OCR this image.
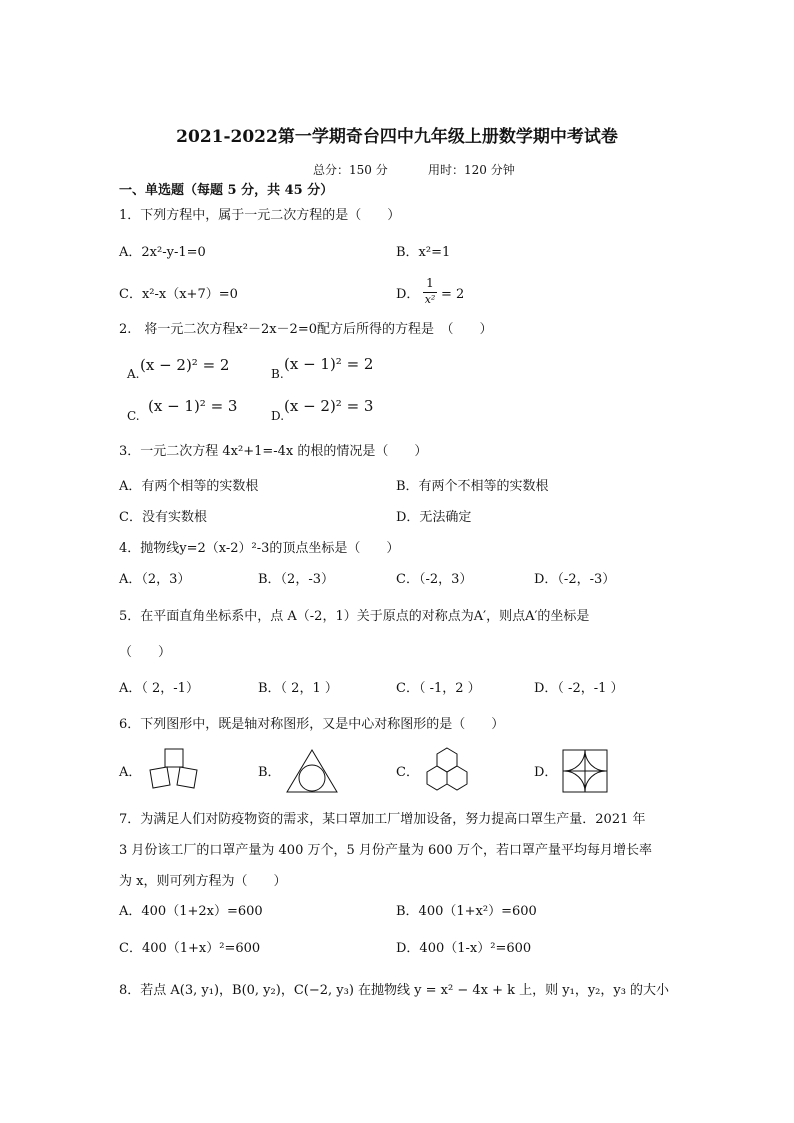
2021-2022第一学期奇台四中九年级上册数学期中考试卷
总分：150 分	用时：120 分钟
一、单选题（每题 5 分，共 45 分）
1．下列方程中，属于一元二次方程的是（　　）
A．2x²-y-1=0	B．x²=1
C．x²-x（x+7）=0	D．
1
x² = 2
2.　将一元二次方程x²－2x－2=0配方后所得的方程是　（　　）
A. (x − 2)² = 2	B.
(x − 1)² = 2
C.
(x − 1)² = 3
D.
(x − 2)² = 3
3．一元二次方程 4x²+1=-4x 的根的情况是（　　）
A．有两个相等的实数根	B．有两个不相等的实数根
C．没有实数根	D．无法确定
4．抛物线y=2（x-2）²-3的顶点坐标是（　　）
A．（2，3）	B．（2，-3）	C．（-2，3）	D．（-2，-3）
5．在平面直角坐标系中，点 A（-2，1）关于原点的对称点为A′，则点A′的坐标是
（　　）
A．（ 2，-1）	B．（ 2，1 ）	C．（ -1，2 ）	D．（ -2，-1 ）
6．下列图形中，既是轴对称图形，又是中心对称图形的是（　　）
A．	B．	C．	D．
7．为满足人们对防疫物资的需求，某口罩加工厂增加设备，努力提高口罩生产量．2021 年
3 月份该工厂的口罩产量为 400 万个，5 月份产量为 600 万个，若口罩产量平均每月增长率
为 x，则可列方程为（　　）
A．400（1+2x）=600	B．400（1+x²）=600
C．400（1+x）²=600	D．400（1-x）²=600
8．若点 A(3, y₁)，B(0, y₂)，C(−2, y₃) 在抛物线 y = x² − 4x + k 上，则 y₁，y₂，y₃ 的大小
